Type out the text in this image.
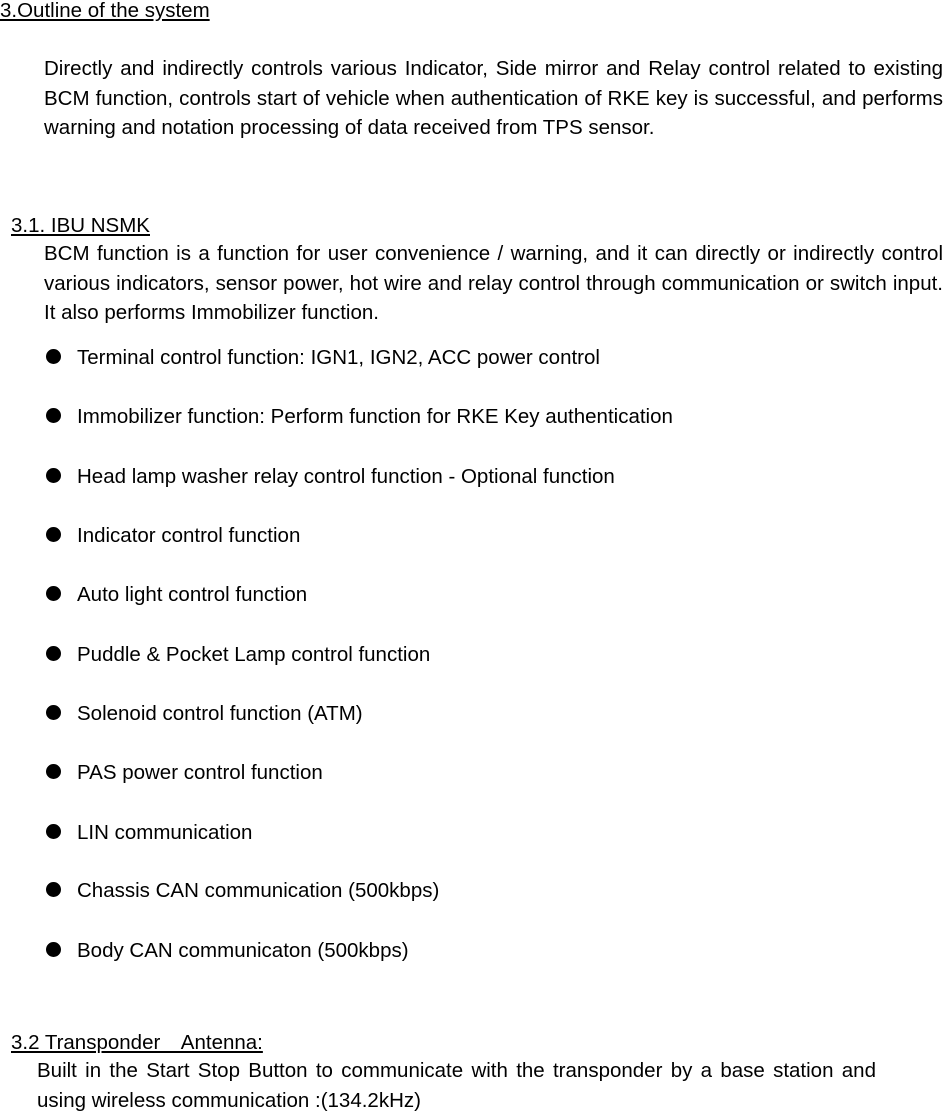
3.Outline of the system
Directly and indirectly controls various Indicator, Side mirror and Relay control related to existing BCM function, controls start of vehicle when authentication of RKE key is successful, and performs warning and notation processing of data received from TPS sensor.
3.1. IBU NSMK
BCM function is a function for user convenience / warning, and it can directly or indirectly control various indicators, sensor power, hot wire and relay control through communication or switch input. It also performs Immobilizer function.
Terminal control function: IGN1, IGN2, ACC power control
Immobilizer function: Perform function for RKE Key authentication
Head lamp washer relay control function - Optional function
Indicator control function
Auto light control function
Puddle & Pocket Lamp control function
Solenoid control function (ATM)
PAS power control function
LIN communication
Chassis CAN communication (500kbps)
Body CAN communicaton (500kbps)
3.2 Transponder　Antenna:
Built in the Start Stop Button to communicate with the transponder by a base station and using wireless communication :(134.2kHz)
